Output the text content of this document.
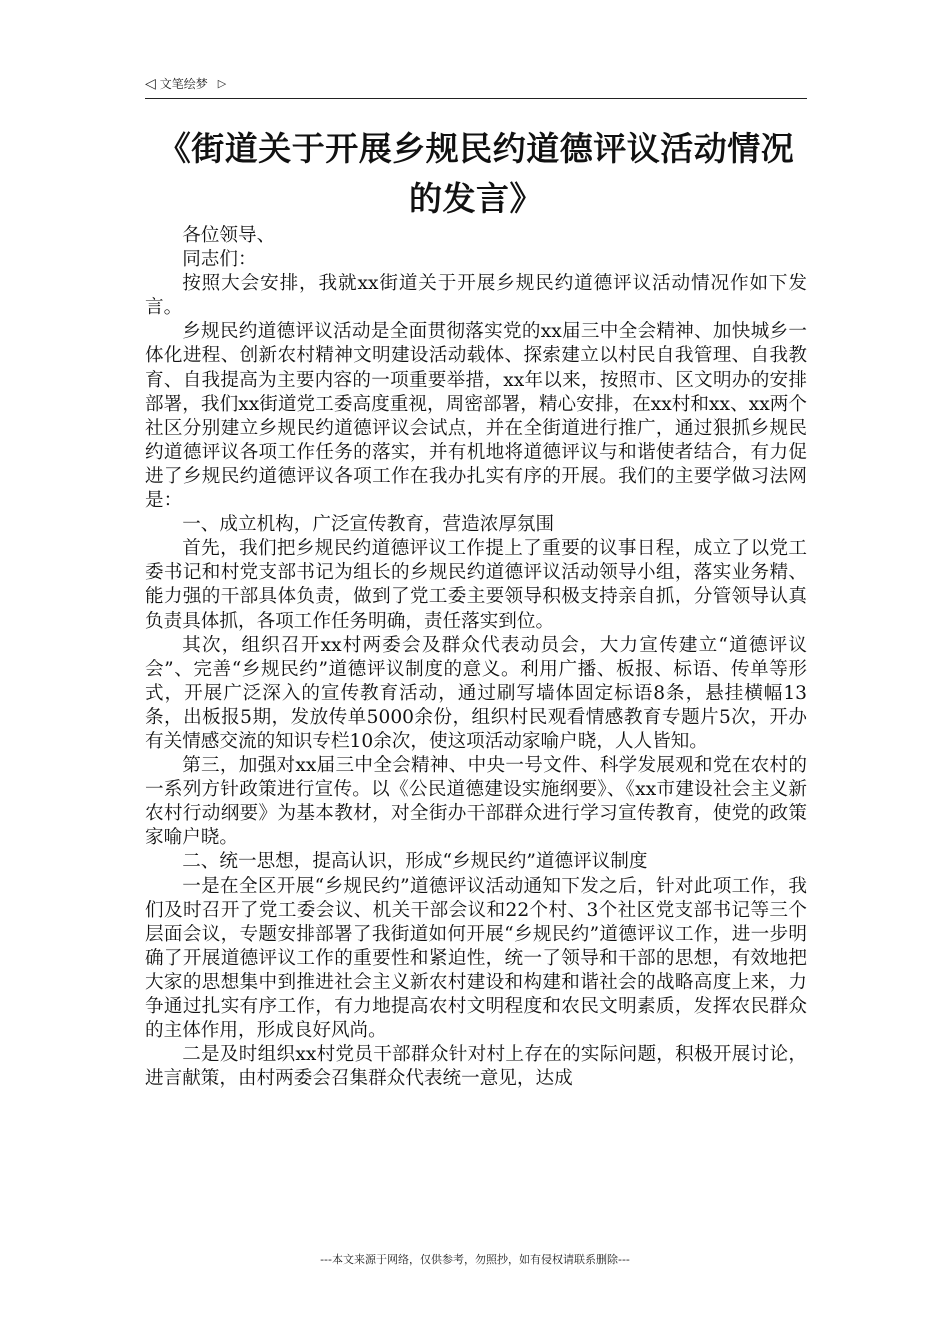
◁ 文笔绘梦 ▷
《街道关于开展乡规民约道德评议活动情况的发言》

各位领导、

同志们：

按照大会安排，我就xx街道关于开展乡规民约道德评议活动情况作如下发言。

乡规民约道德评议活动是全面贯彻落实党的xx届三中全会精神、加快城乡一体化进程、创新农村精神文明建设活动载体、探索建立以村民自我管理、自我教育、自我提高为主要内容的一项重要举措，xx年以来，按照市、区文明办的安排部署，我们xx街道党工委高度重视，周密部署，精心安排，在xx村和xx、xx两个社区分别建立乡规民约道德评议会试点，并在全街道进行推广，通过狠抓乡规民约道德评议各项工作任务的落实，并有机地将道德评议与和谐使者结合，有力促进了乡规民约道德评议各项工作在我办扎实有序的开展。我们的主要学做习法网是：

一、成立机构，广泛宣传教育，营造浓厚氛围

首先，我们把乡规民约道德评议工作提上了重要的议事日程，成立了以党工委书记和村党支部书记为组长的乡规民约道德评议活动领导小组，落实业务精、能力强的干部具体负责，做到了党工委主要领导积极支持亲自抓，分管领导认真负责具体抓，各项工作任务明确，责任落实到位。

其次，组织召开xx村两委会及群众代表动员会，大力宣传建立“道德评议会”、完善“乡规民约”道德评议制度的意义。利用广播、板报、标语、传单等形式，开展广泛深入的宣传教育活动，通过刷写墙体固定标语8条，悬挂横幅13条，出板报5期，发放传单5000余份，组织村民观看情感教育专题片5次，开办有关情感交流的知识专栏10余次，使这项活动家喻户晓，人人皆知。

第三，加强对xx届三中全会精神、中央一号文件、科学发展观和党在农村的一系列方针政策进行宣传。以《公民道德建设实施纲要》、《xx市建设社会主义新农村行动纲要》为基本教材，对全街办干部群众进行学习宣传教育，使党的政策家喻户晓。

二、统一思想，提高认识，形成“乡规民约”道德评议制度

一是在全区开展“乡规民约”道德评议活动通知下发之后，针对此项工作，我们及时召开了党工委会议、机关干部会议和22个村、3个社区党支部书记等三个层面会议，专题安排部署了我街道如何开展“乡规民约”道德评议工作，进一步明确了开展道德评议工作的重要性和紧迫性，统一了领导和干部的思想，有效地把大家的思想集中到推进社会主义新农村建设和构建和谐社会的战略高度上来，力争通过扎实有序工作，有力地提高农村文明程度和农民文明素质，发挥农民群众的主体作用，形成良好风尚。

二是及时组织xx村党员干部群众针对村上存在的实际问题，积极开展讨论，进言献策，由村两委会召集群众代表统一意见，达成

---本文来源于网络，仅供参考，勿照抄，如有侵权请联系删除---
